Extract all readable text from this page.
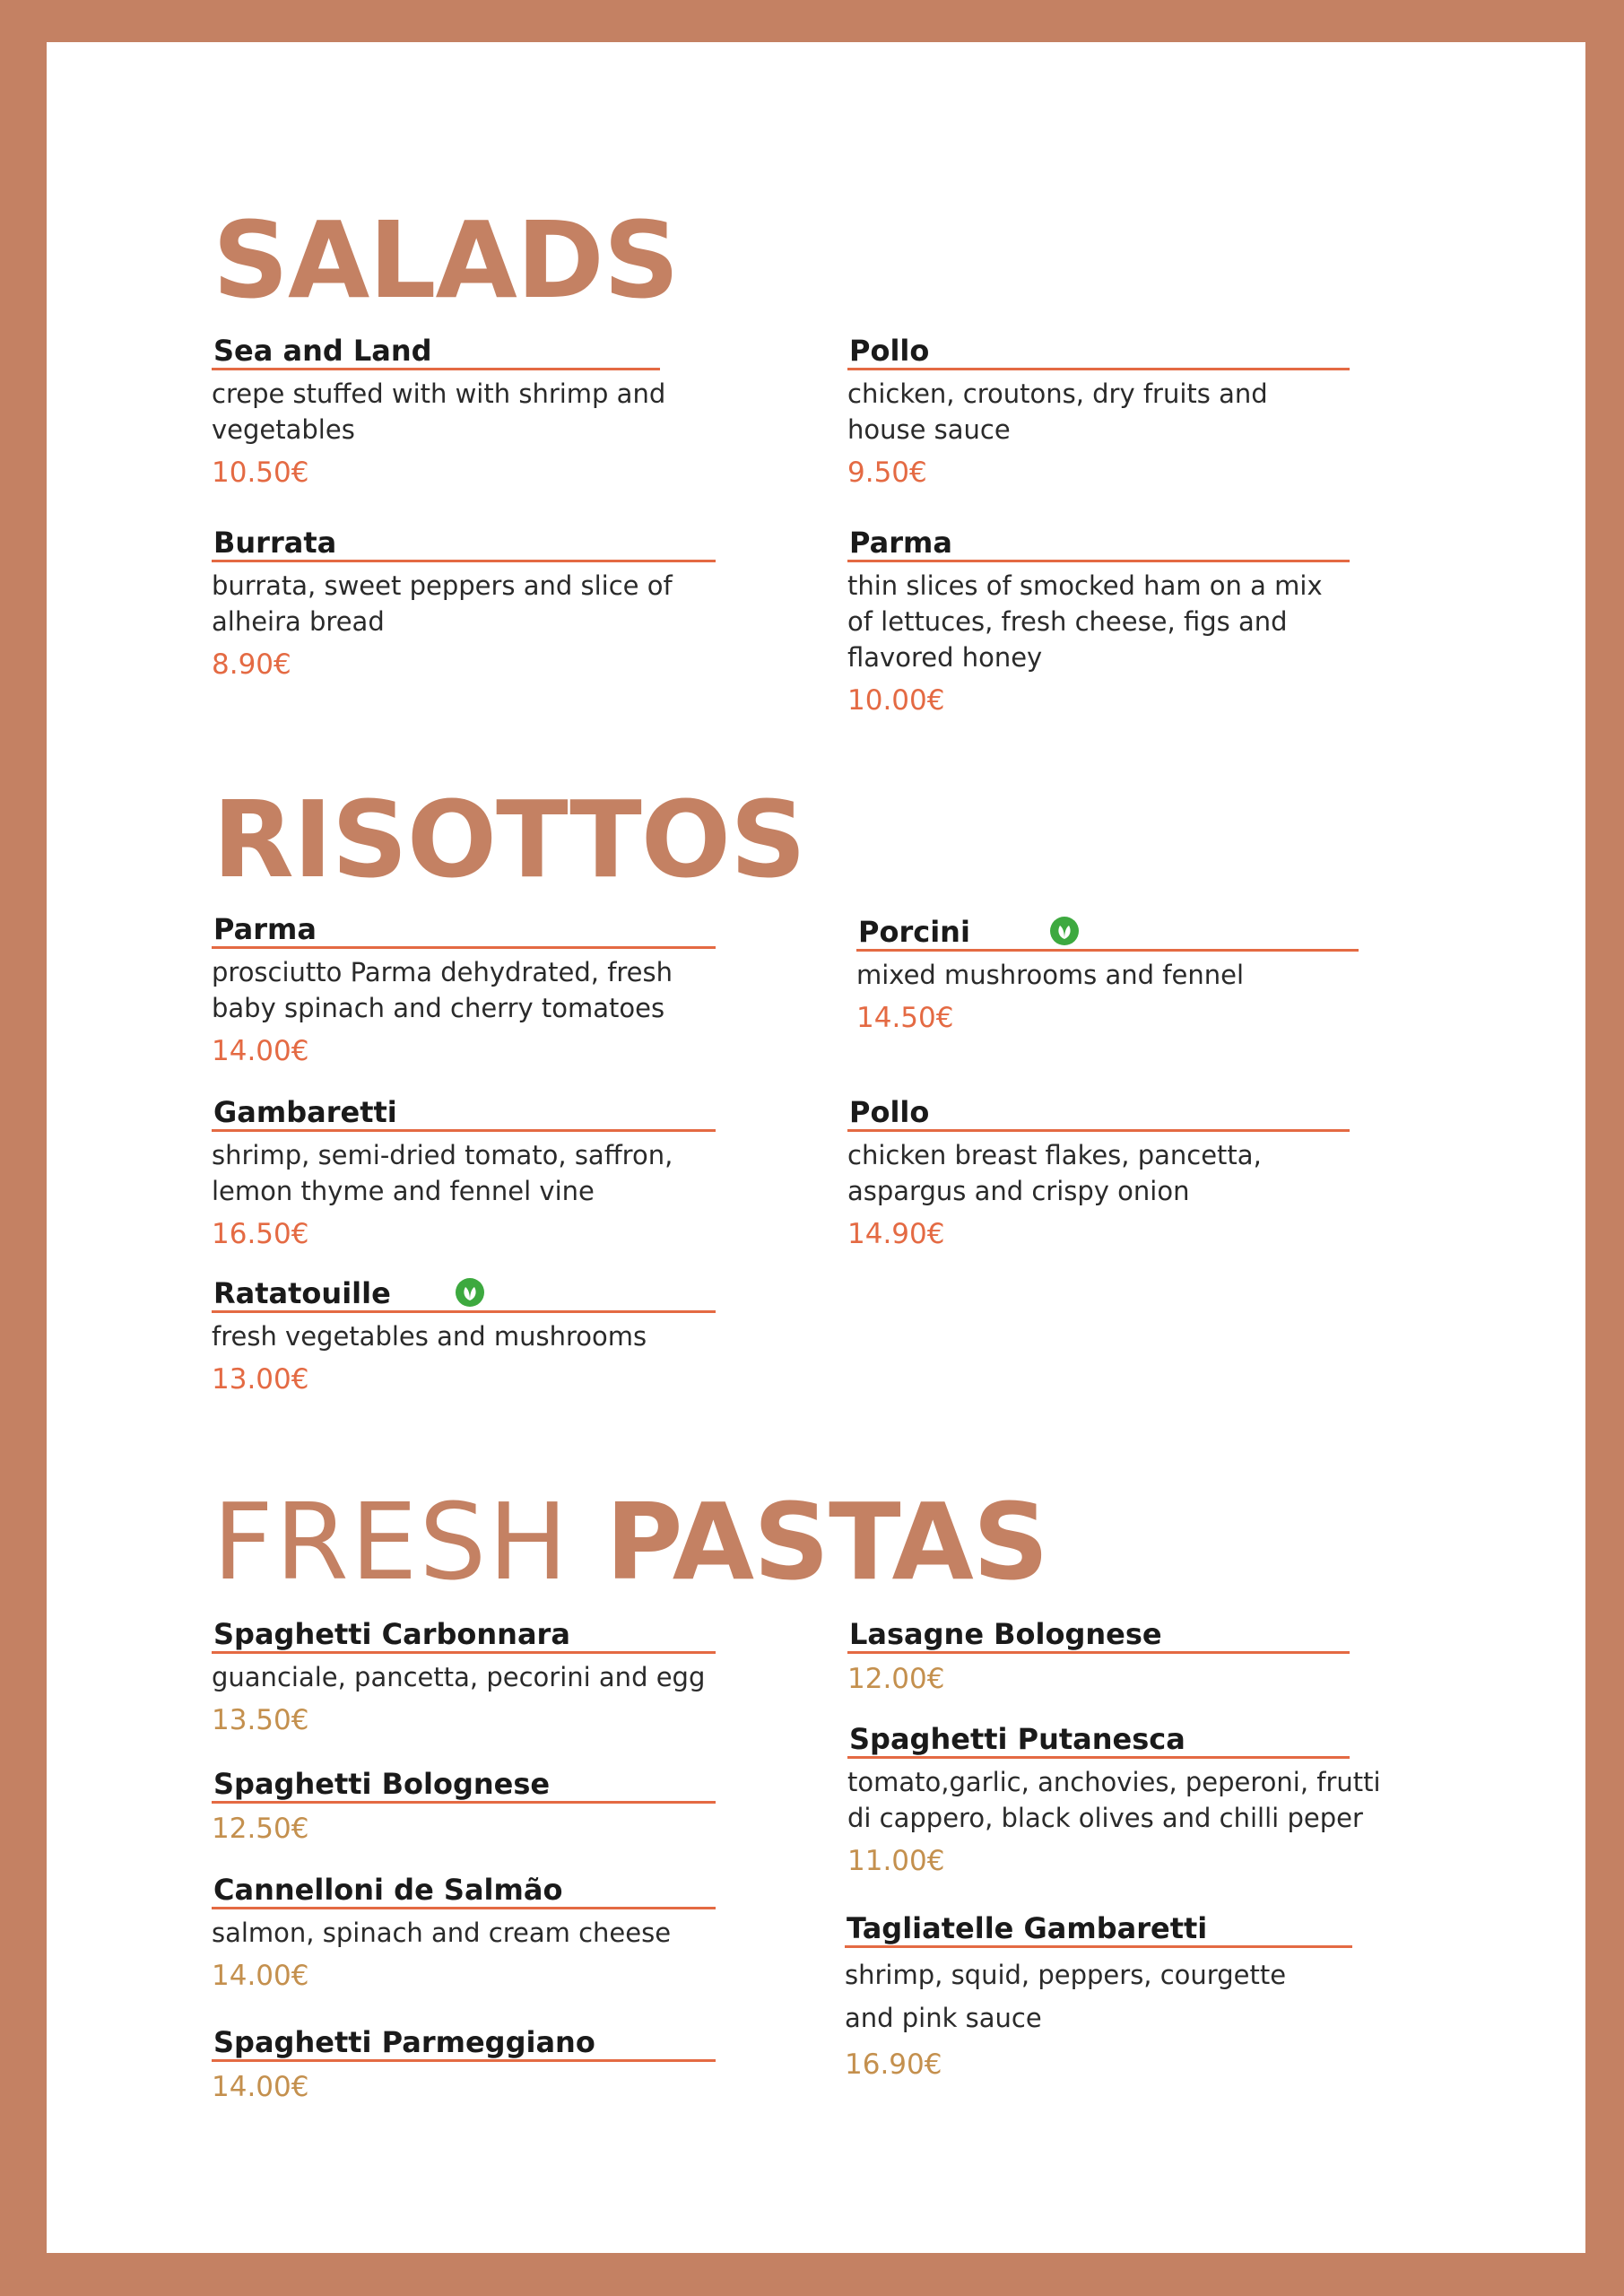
SALADS
Sea and Land
crepe stuffed with with shrimp and vegetables
10.50€
Pollo
chicken, croutons, dry fruits and house sauce
9.50€
Burrata
burrata, sweet peppers and slice of alheira bread
8.90€
Parma
thin slices of smocked ham on a mix of lettuces, fresh cheese, figs and flavored honey
10.00€
RISOTTOS
Parma
prosciutto Parma dehydrated, fresh baby spinach and cherry tomatoes
14.00€
Porcini
mixed mushrooms and fennel
14.50€
Gambaretti
shrimp, semi-dried tomato, saffron, lemon thyme and fennel vine
16.50€
Pollo
chicken breast flakes, pancetta, aspargus and crispy onion
14.90€
Ratatouille
fresh vegetables and mushrooms
13.00€
FRESH PASTAS
Spaghetti Carbonnara
guanciale, pancetta, pecorini and egg
13.50€
Lasagne Bolognese
12.00€
Spaghetti Bolognese
12.50€
Spaghetti Putanesca
tomato,garlic, anchovies, peperoni, frutti di cappero, black olives and chilli peper
11.00€
Cannelloni de Salmão
salmon, spinach and cream cheese
14.00€
Tagliatelle Gambaretti
shrimp, squid, peppers, courgette and pink sauce
16.90€
Spaghetti Parmeggiano
14.00€
